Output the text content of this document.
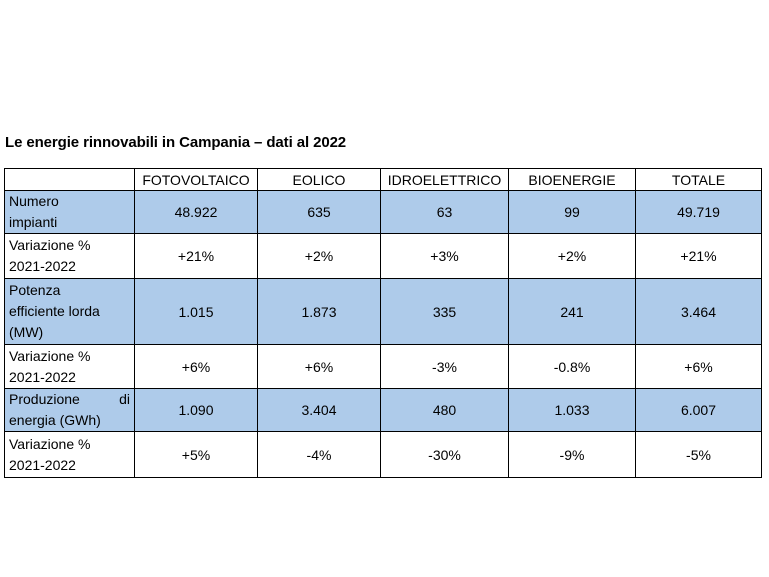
Le energie rinnovabili in Campania – dati al 2022
	FOTOVOLTAICO	EOLICO	IDROELETTRICO	BIOENERGIE	TOTALE
Numero
impianti	48.922	635	63	99	49.719
Variazione %
2021-2022	+21%	+2%	+3%	+2%	+21%
Potenza
efficiente lorda
(MW)	1.015	1.873	335	241	3.464
Variazione %
2021-2022	+6%	+6%	-3%	-0.8%	+6%

Produzione di
energia (GWh)	1.090	3.404	480	1.033	6.007
Variazione %
2021-2022	+5%	-4%	-30%	-9%	-5%
